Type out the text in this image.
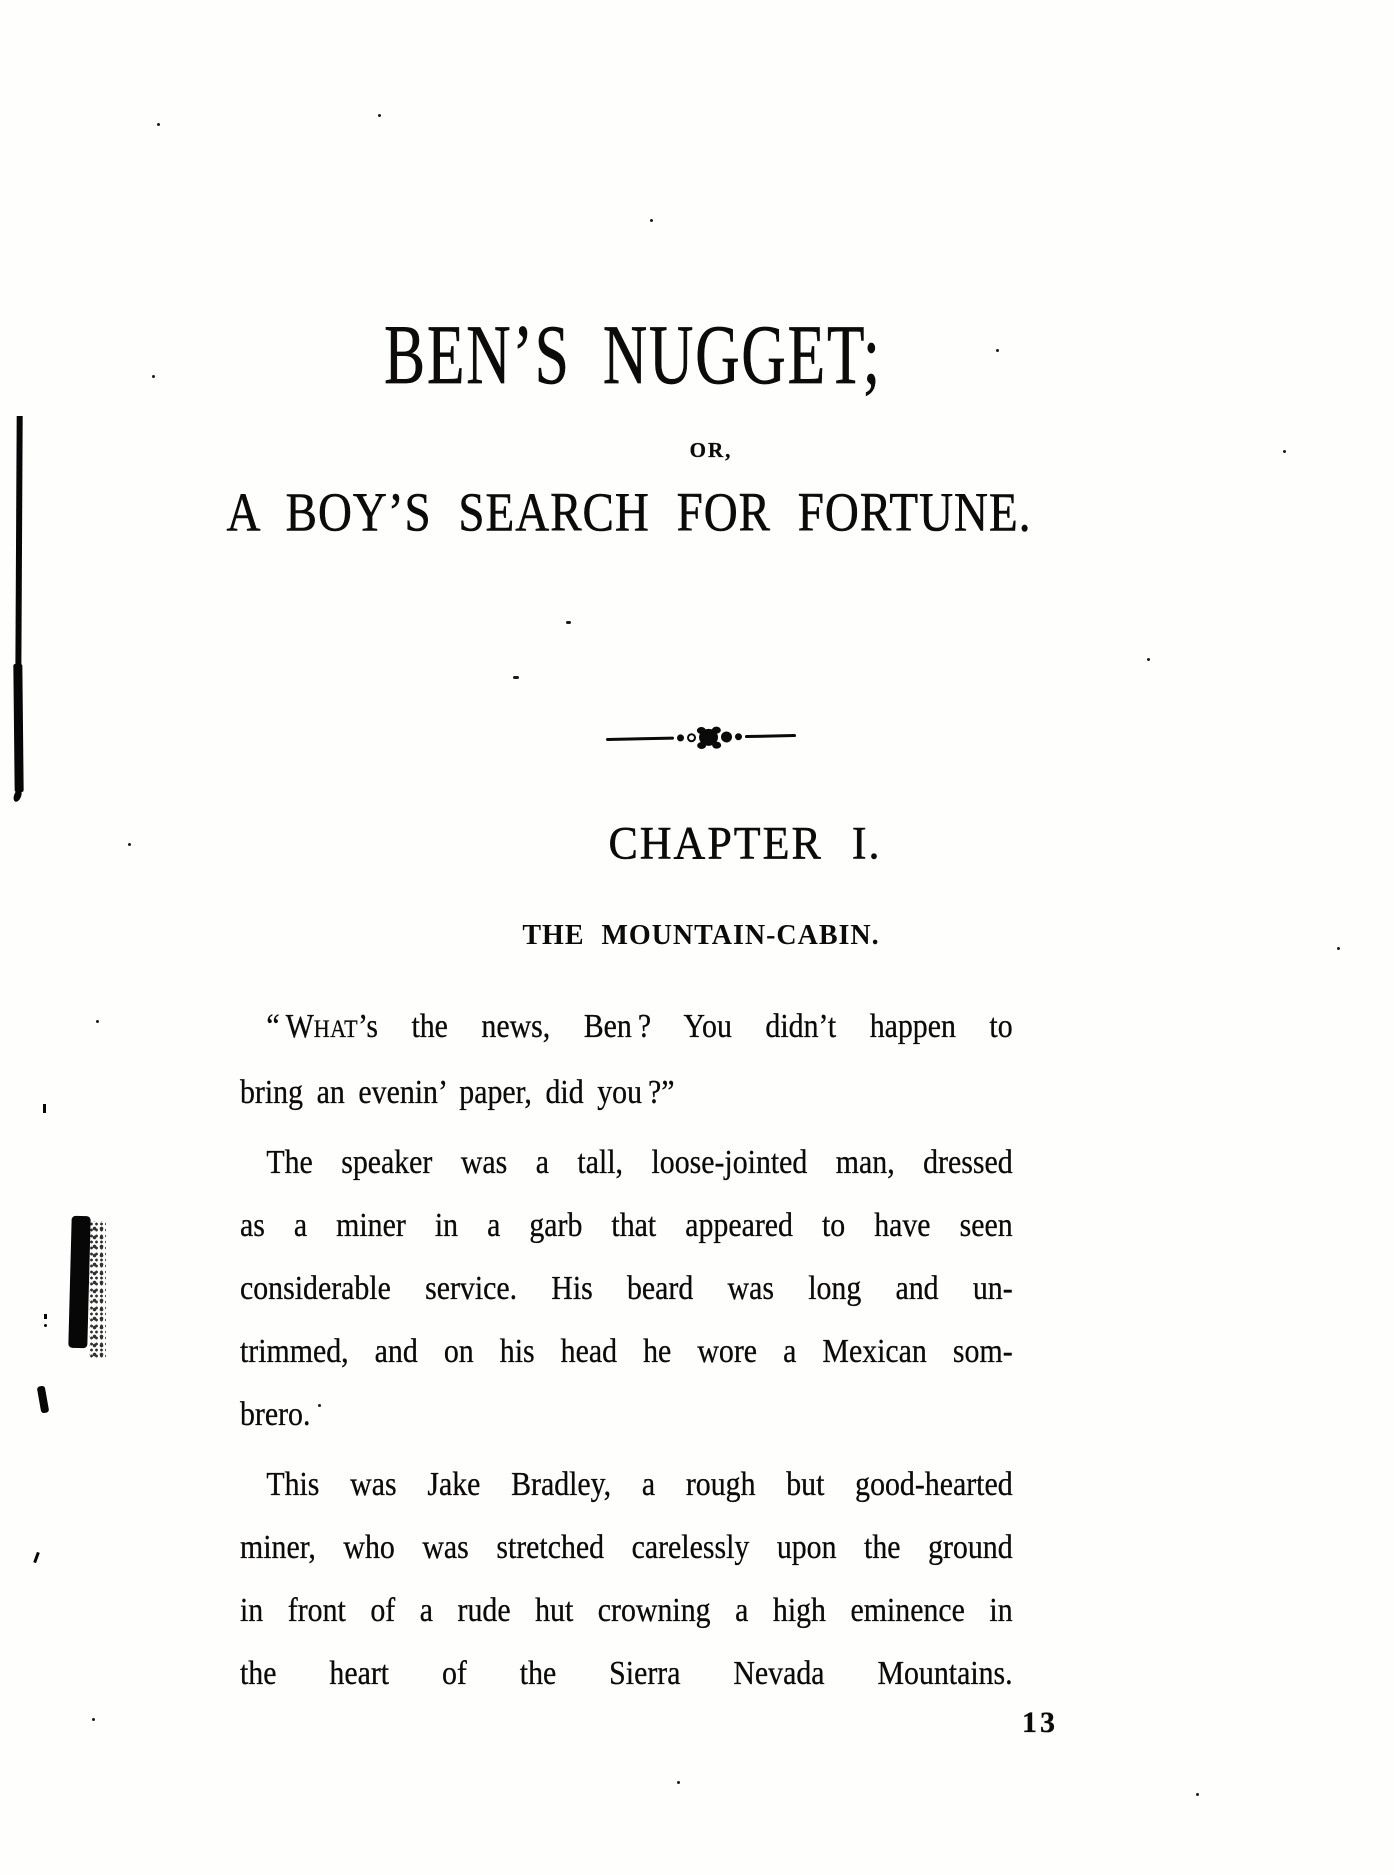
BEN’S NUGGET;
OR,
A BOY’S SEARCH FOR FORTUNE.
CHAPTER I.
THE MOUNTAIN-CABIN.
“ WHAT’s the news, Ben ? You didn’t happen to
bring an evenin’ paper, did you ?”
The speaker was a tall, loose-jointed man, dressed
as a miner in a garb that appeared to have seen
considerable service. His beard was long and un-
trimmed, and on his head he wore a Mexican som-
brero.
This was Jake Bradley, a rough but good-hearted
miner, who was stretched carelessly upon the ground
in front of a rude hut crowning a high eminence in
the heart of the Sierra Nevada Mountains.
13
